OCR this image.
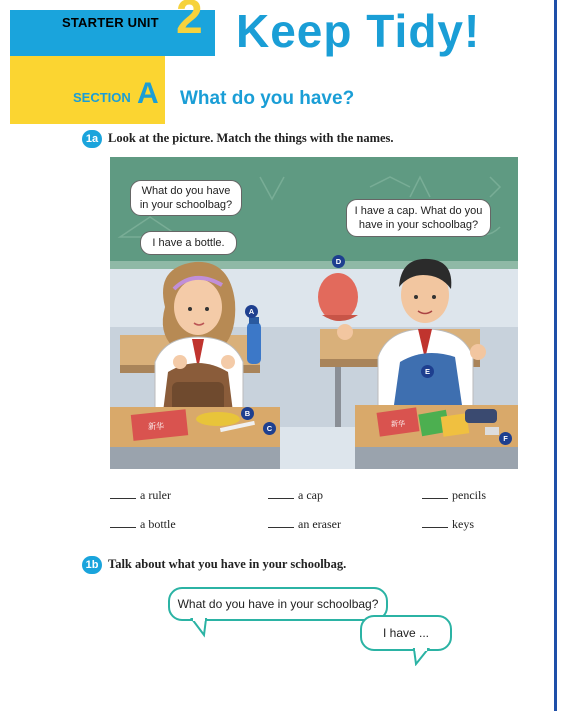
STARTER UNIT 2 Keep Tidy!
SECTION A What do you have?
1a Look at the picture. Match the things with the names.
新华	新华
What do you have
in your schoolbag?
I have a bottle.
I have a cap. What do you
have in your schoolbag?
A
B
C
D
E
F
a ruler	a cap	pencils
a bottle	an eraser	keys
1b Talk about what you have in your schoolbag.
What do you have in your schoolbag?
I have ...
